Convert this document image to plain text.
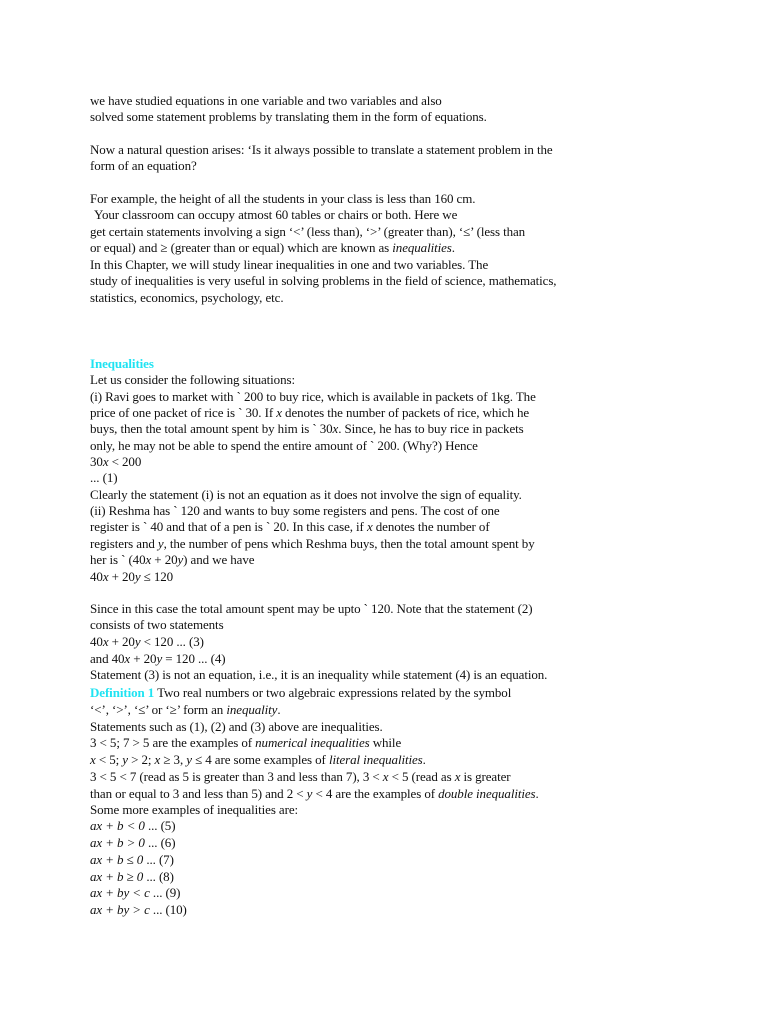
we have studied equations in one variable and two variables and also

solved some statement problems by translating them in the form of equations.

Now a natural question arises: ‘Is it always possible to translate a statement problem in the

form of an equation?

For example, the height of all the students in your class is less than 160 cm.

Your classroom can occupy atmost 60 tables or chairs or both. Here we

get certain statements involving a sign ‘<’ (less than), ‘>’ (greater than), ‘≤’ (less than

or equal) and ≥ (greater than or equal) which are known as inequalities.

In this Chapter, we will study linear inequalities in one and two variables. The

study of inequalities is very useful in solving problems in the field of science, mathematics,

statistics, economics, psychology, etc.

Inequalities

Let us consider the following situations:

(i) Ravi goes to market with ` 200 to buy rice, which is available in packets of 1kg. The

price of one packet of rice is ` 30. If x denotes the number of packets of rice, which he

buys, then the total amount spent by him is ` 30x. Since, he has to buy rice in packets

only, he may not be able to spend the entire amount of ` 200. (Why?) Hence

30x < 200

... (1)

Clearly the statement (i) is not an equation as it does not involve the sign of equality.

(ii) Reshma has ` 120 and wants to buy some registers and pens. The cost of one

register is ` 40 and that of a pen is ` 20. In this case, if x denotes the number of

registers and y, the number of pens which Reshma buys, then the total amount spent by

her is ` (40x + 20y) and we have

40x + 20y ≤ 120

Since in this case the total amount spent may be upto ` 120. Note that the statement (2)

consists of two statements

40x + 20y < 120 ... (3)

and 40x + 20y = 120 ... (4)

Statement (3) is not an equation, i.e., it is an inequality while statement (4) is an equation.

Definition 1 Two real numbers or two algebraic expressions related by the symbol

‘<’, ‘>’, ‘≤’ or ‘≥’ form an inequality.

Statements such as (1), (2) and (3) above are inequalities.

3 < 5; 7 > 5 are the examples of numerical inequalities while

x < 5; y > 2; x ≥ 3, y ≤ 4 are some examples of literal inequalities.

3 < 5 < 7 (read as 5 is greater than 3 and less than 7), 3 < x < 5 (read as x is greater

than or equal to 3 and less than 5) and 2 < y < 4 are the examples of double inequalities.

Some more examples of inequalities are:

ax + b < 0 ... (5)

ax + b > 0 ... (6)

ax + b ≤ 0 ... (7)

ax + b ≥ 0 ... (8)

ax + by < c ... (9)

ax + by > c ... (10)
